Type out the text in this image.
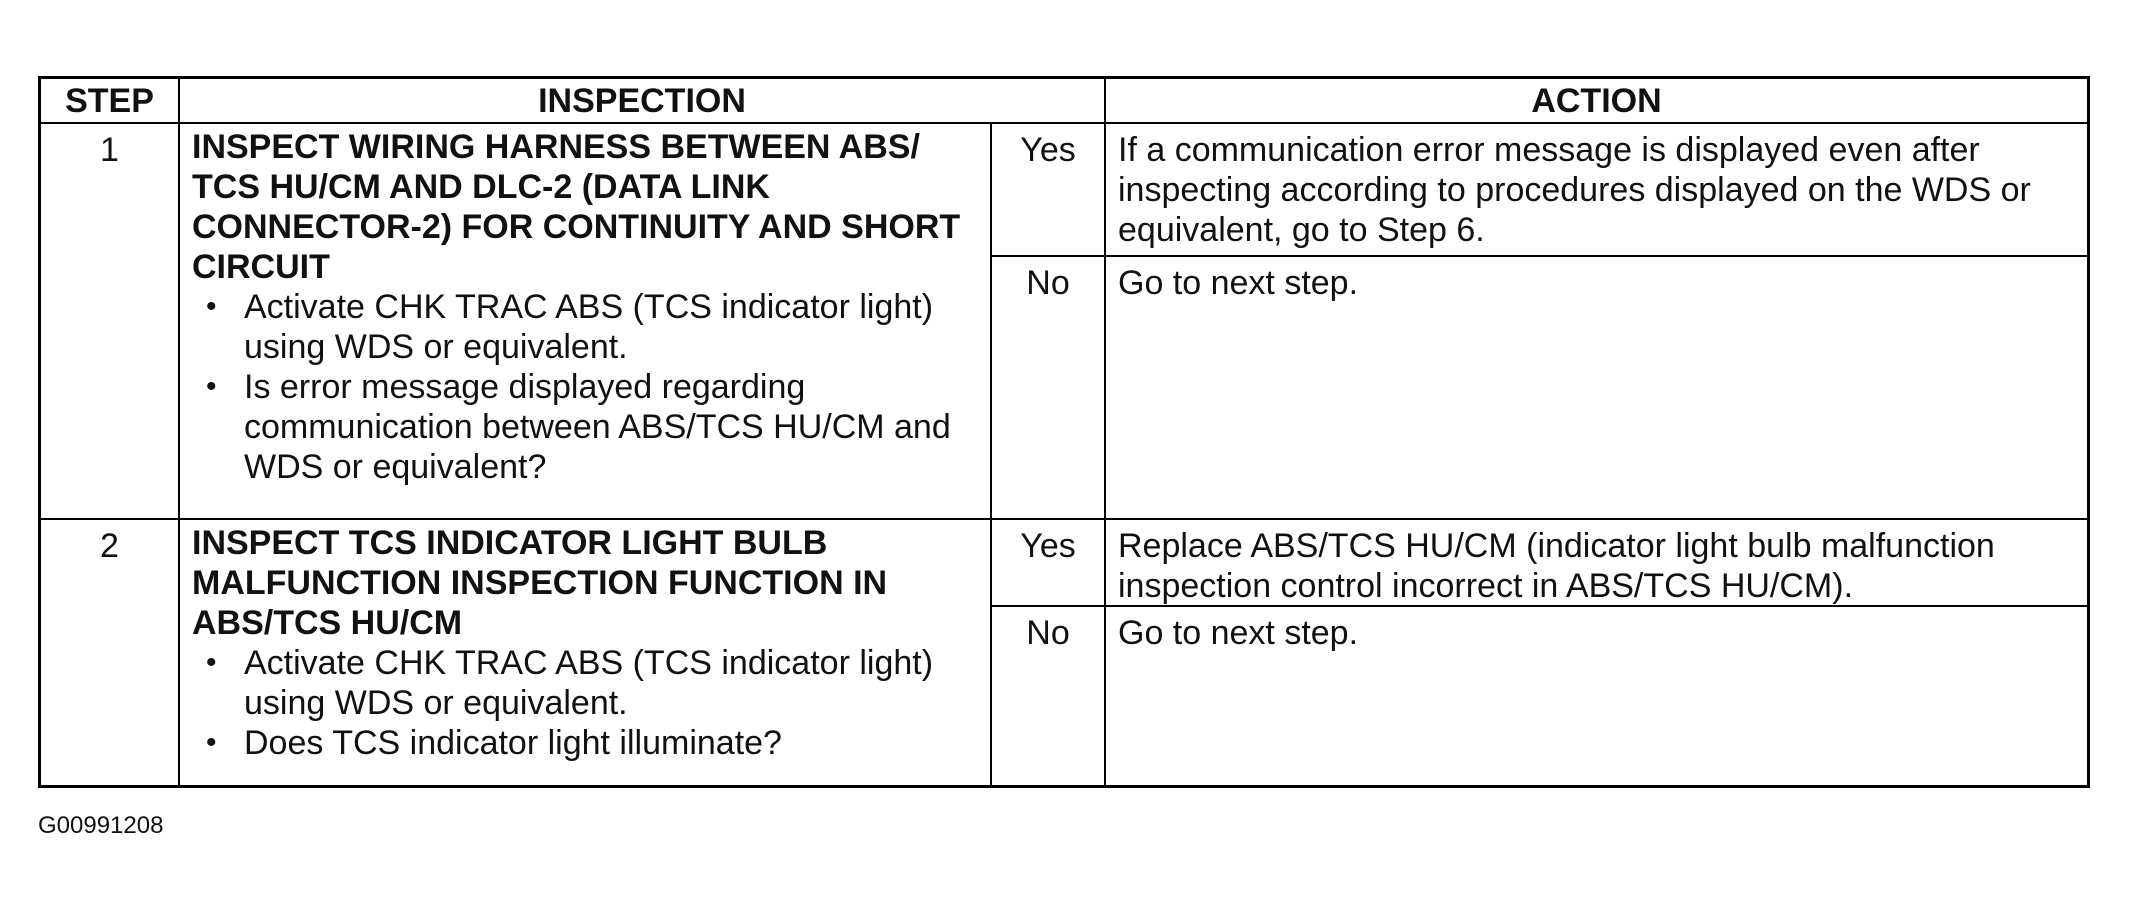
STEP	INSPECTION	ACTION
1	INSPECT WIRING HARNESS BETWEEN ABS/ TCS HU/CM AND DLC-2 (DATA LINK CONNECTOR-2) FOR CONTINUITY AND SHORT CIRCUIT
• Activate CHK TRAC ABS (TCS indicator light) using WDS or equivalent.
• Is error message displayed regarding communication between ABS/TCS HU/CM and WDS or equivalent?
Yes	If a communication error message is displayed even after inspecting according to procedures displayed on the WDS or equivalent, go to Step 6.
No	Go to next step.
2	INSPECT TCS INDICATOR LIGHT BULB MALFUNCTION INSPECTION FUNCTION IN ABS/TCS HU/CM
• Activate CHK TRAC ABS (TCS indicator light) using WDS or equivalent.
• Does TCS indicator light illuminate?
Yes	Replace ABS/TCS HU/CM (indicator light bulb malfunction inspection control incorrect in ABS/TCS HU/CM).
No	Go to next step.
G00991208
